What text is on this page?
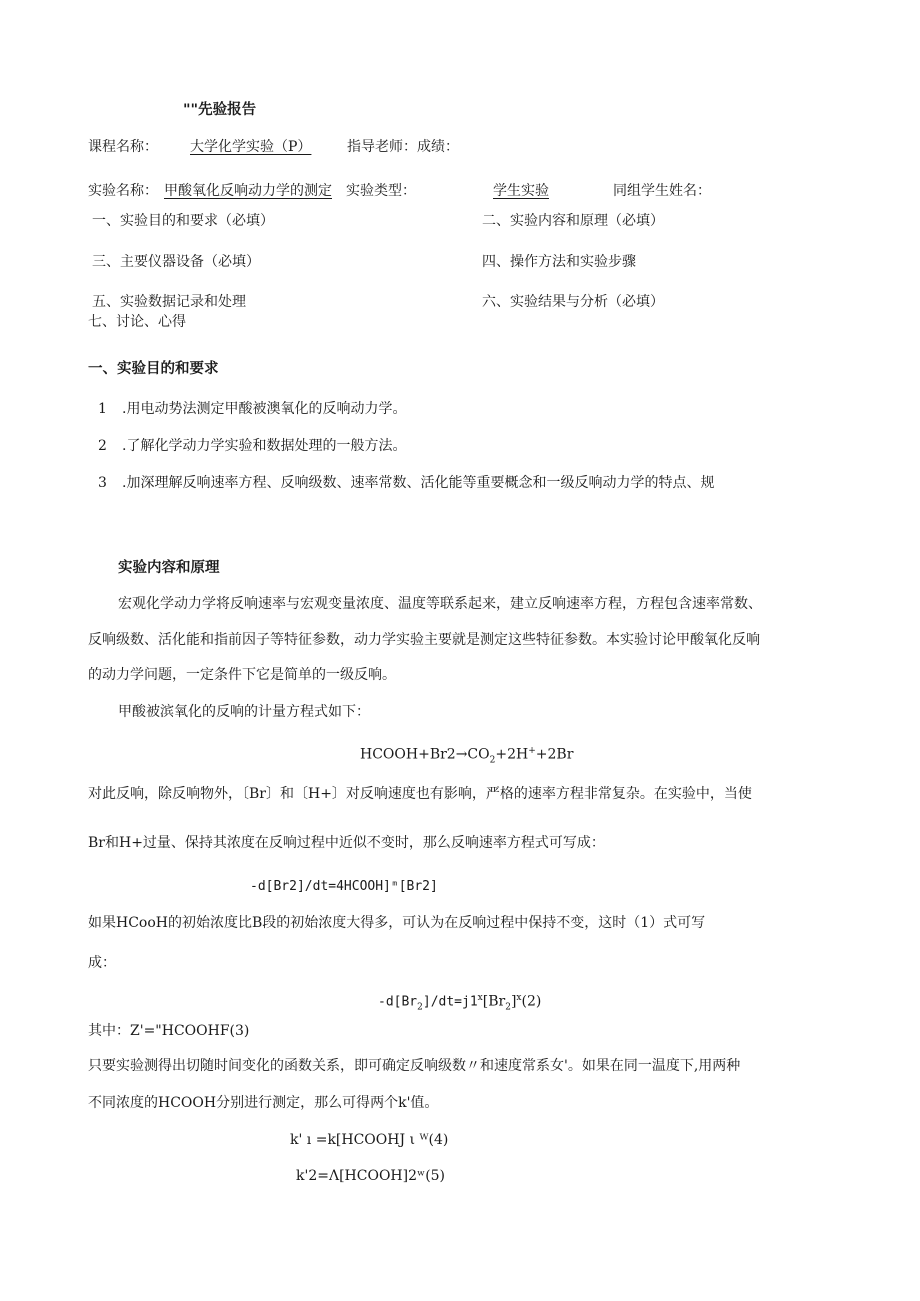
""先验报告
课程名称： 大学化学实验（P）	指导老师：成绩：
实验名称： 甲酸氧化反响动力学的测定 实验类型：	学生实验	同组学生姓名：
一、实验目的和要求（必填）	二、实验内容和原理（必填）
三、主要仪器设备（必填）	四、操作方法和实验步骤
五、实验数据记录和处理	六、实验结果与分析（必填）
七、讨论、心得
一、实验目的和要求
1 .用电动势法测定甲酸被澳氧化的反响动力学。
2 .了解化学动力学实验和数据处理的一般方法。
3 .加深理解反响速率方程、反响级数、速率常数、活化能等重要概念和一级反响动力学的特点、规
实验内容和原理
宏观化学动力学将反响速率与宏观变量浓度、温度等联系起来，建立反响速率方程，方程包含速率常数、
反响级数、活化能和指前因子等特征参数，动力学实验主要就是测定这些特征参数。本实验讨论甲酸氧化反响
的动力学问题，一定条件下它是简单的一级反响。
甲酸被滨氧化的反响的计量方程式如下：
$HCOOH+Br2\to CO_2+2H^++2Br$
对此反响，除反响物外，〔Br〕和〔H+〕对反响速度也有影响，严格的速率方程非常复杂。在实验中，当使
Br和H+过量、保持其浓度在反响过程中近似不变时，那么反响速率方程式可写成：
-d[Br2]/dt=4HCOOH]ᵐ[Br2]
如果HCooH的初始浓度比B段的初始浓度大得多，可认为在反响过程中保持不变，这时（1）式可写
成：
$-d[Br_2]/dt=j1^x[Br_2]^x(2)$
其中：Z'="HCOOHF(3)
只要实验测得出切随时间变化的函数关系，即可确定反响级数〃和速度常系女'。如果在同一温度下,用两种
不同浓度的HCOOH分别进行测定，那么可得两个k'值。
k' ı =k[HCOOHJ ι ᵂ(4)
k'2=Λ[HCOOH]2ʷ(5)
